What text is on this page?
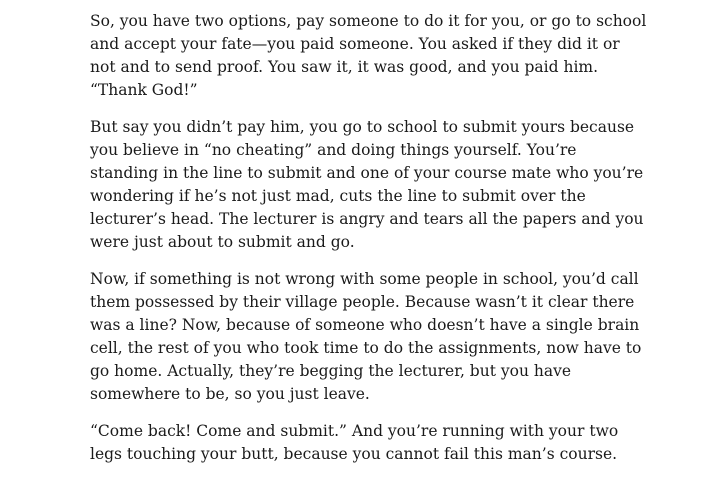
So, you have two options, pay someone to do it for you, or go to school
and accept your fate—you paid someone. You asked if they did it or
not and to send proof. You saw it, it was good, and you paid him.
“Thank God!”

But say you didn’t pay him, you go to school to submit yours because
you believe in “no cheating” and doing things yourself. You’re
standing in the line to submit and one of your course mate who you’re
wondering if he’s not just mad, cuts the line to submit over the
lecturer’s head. The lecturer is angry and tears all the papers and you
were just about to submit and go.

Now, if something is not wrong with some people in school, you’d call
them possessed by their village people. Because wasn’t it clear there
was a line? Now, because of someone who doesn’t have a single brain
cell, the rest of you who took time to do the assignments, now have to
go home. Actually, they’re begging the lecturer, but you have
somewhere to be, so you just leave.

“Come back! Come and submit.” And you’re running with your two
legs touching your butt, because you cannot fail this man’s course.
